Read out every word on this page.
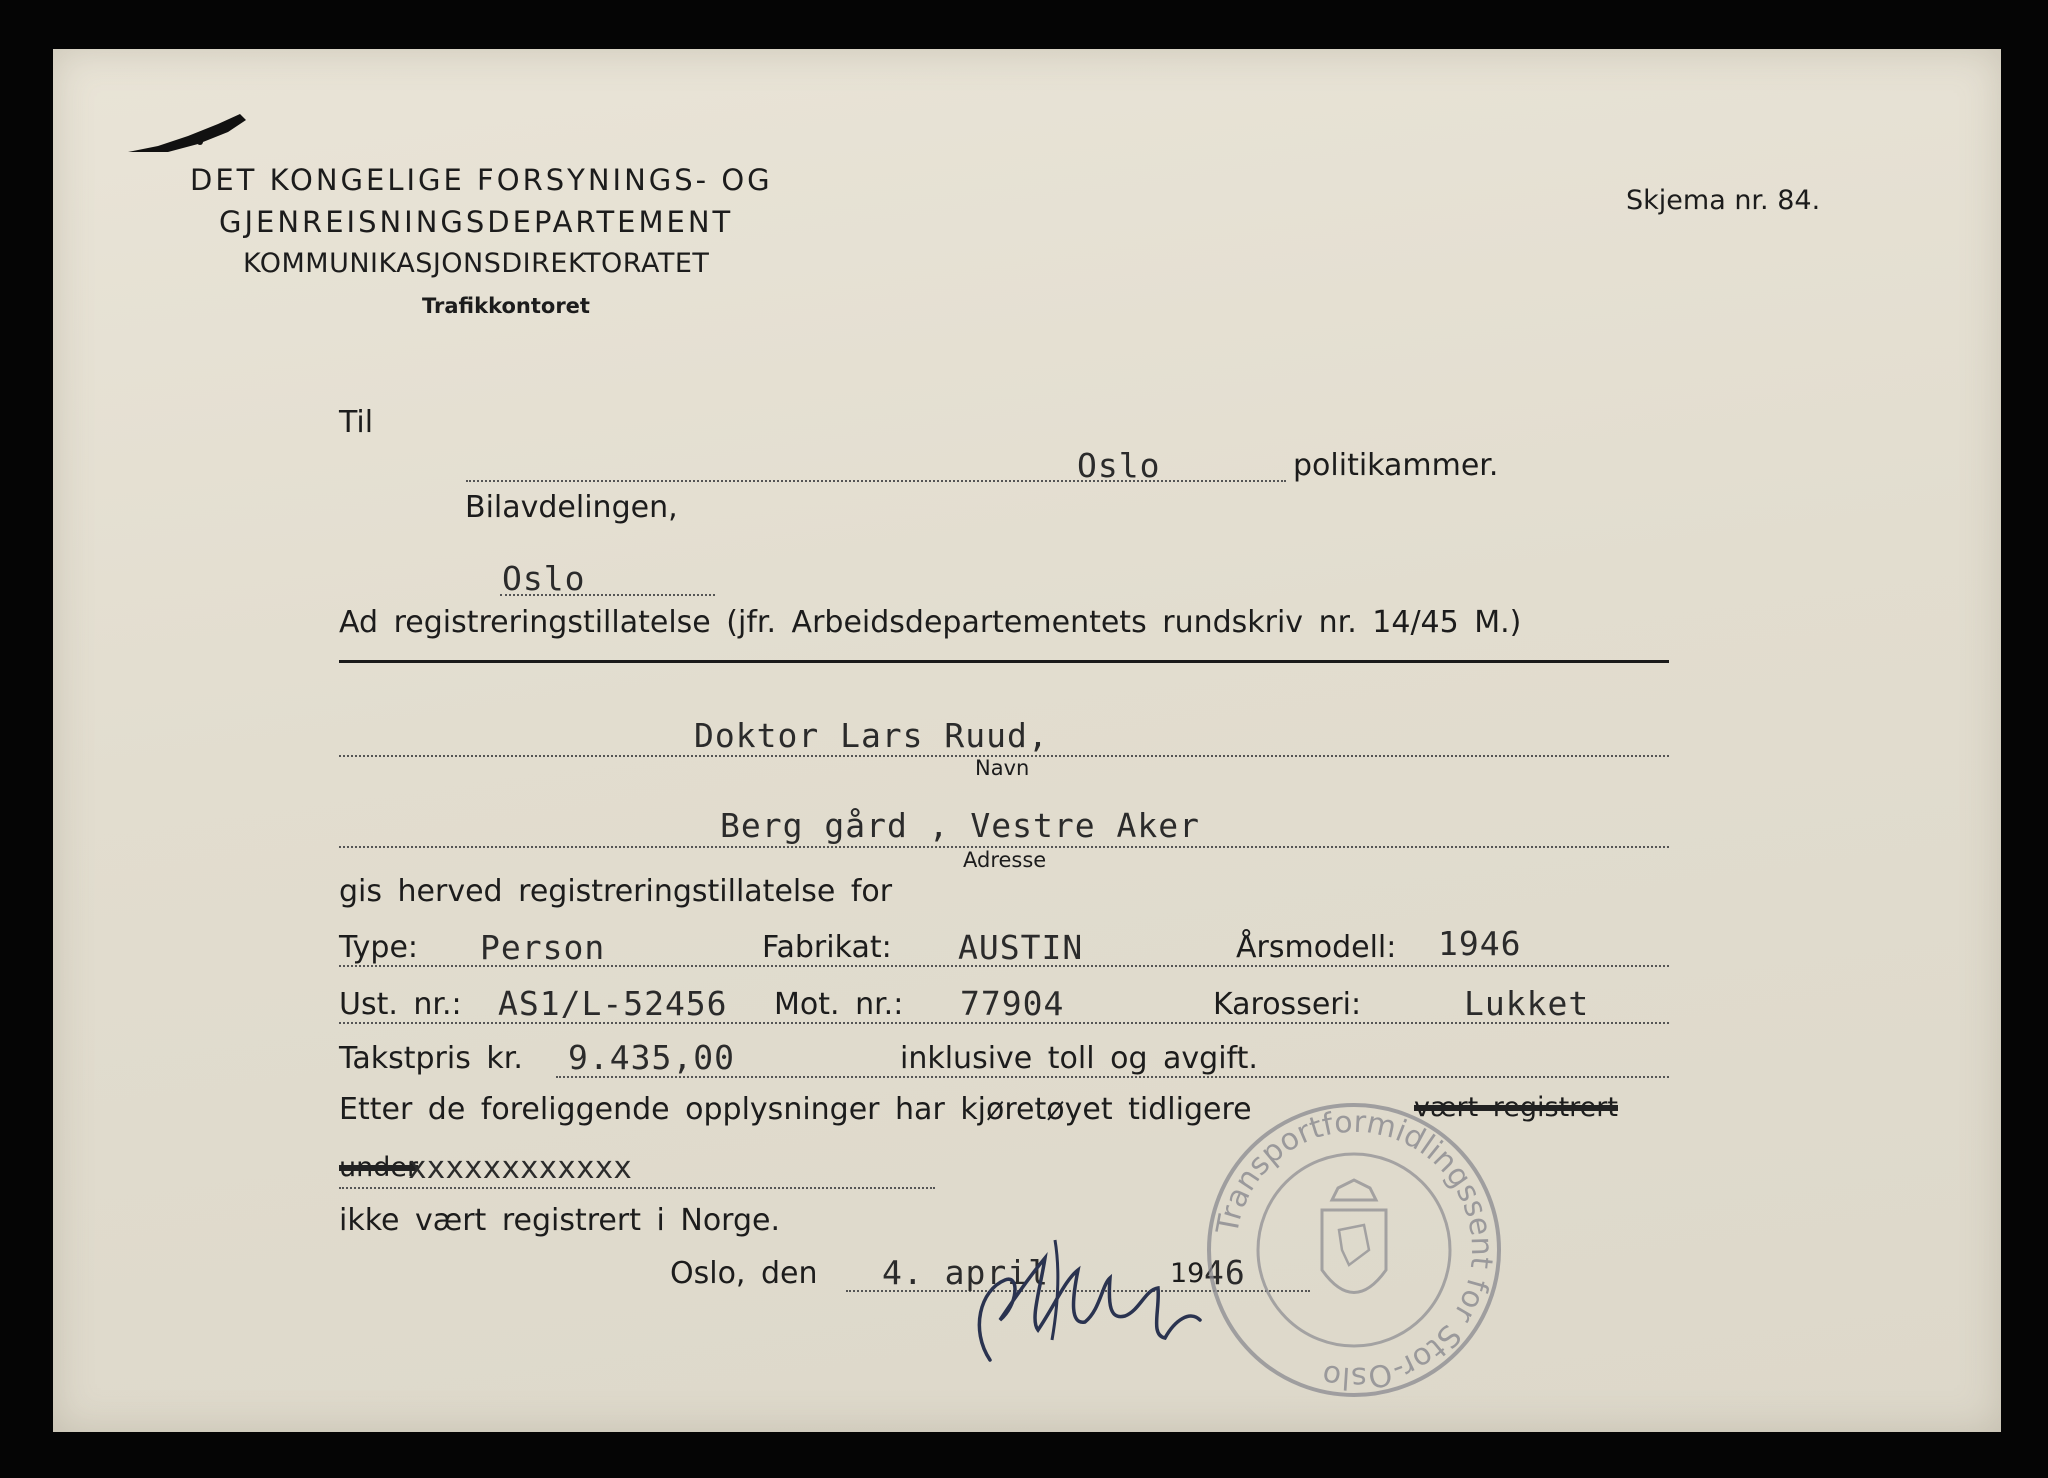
DET KONGELIGE FORSYNINGS- OG
GJENREISNINGSDEPARTEMENT
KOMMUNIKASJONSDIREKTORATET
Trafikkontoret
Skjema nr. 84.
Til
Oslo	politikammer.
Bilavdelingen,
Oslo
Ad registreringstillatelse (jfr. Arbeidsdepartementets rundskriv nr. 14/45 M.)
Doktor Lars Ruud,
Navn
Berg gård , Vestre Aker
Adresse
gis herved registreringstillatelse for
Type: Person	Fabrikat: AUSTIN	Årsmodell: 1946
Ust. nr.: AS1/L-52456 Mot. nr.: 77904	Karosseri:	Lukket
Takstpris kr. 9.435,00	inklusive toll og avgift.
Etter de foreliggende opplysninger har kjøretøyet tidligere	vært registrert
under
xxxxxxxxxxxx
ikke vært registrert i Norge.
Oslo, den 4. april	19 46
Transportformidlingssent for Stor-Oslo
